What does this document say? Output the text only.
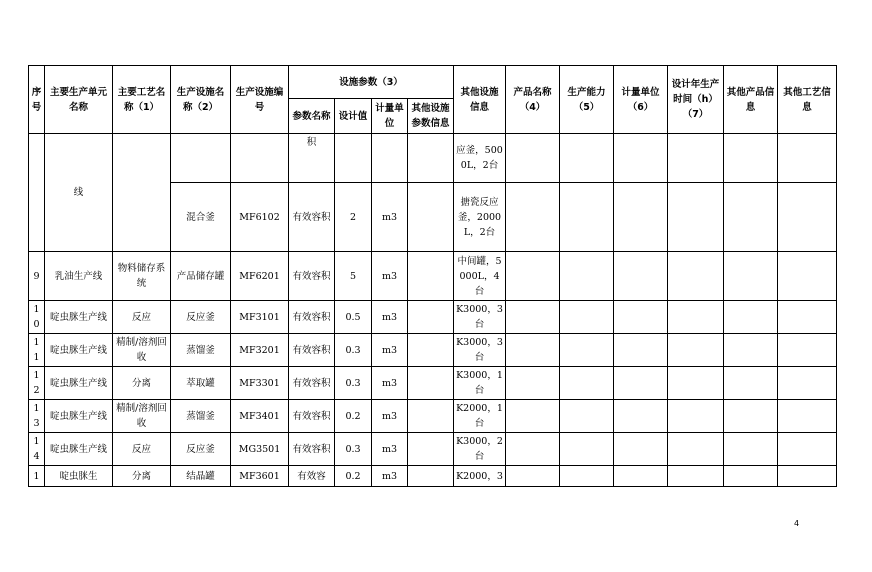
序号	主要生产单元名称	主要工艺名称（1）	生产设施名称（2）	生产设施编号	设施参数（3）				其他设施信息	产品名称（4）	生产能力（5）	计量单位（6）	设计年生产时间（h）（7）	其他产品信息	其他工艺信息
					参数名称	设计值	计量单位	其他设施参数信息							
	线				积				应釜，5000L，2台						
			混合釜	MF6102	有效容积	2	m3		搪瓷反应釜，2000L，2台						
9	乳油生产线	物料储存系统	产品储存罐	MF6201	有效容积	5	m3		中间罐，5000L，4台						
10	啶虫脒生产线	反应	反应釜	MF3101	有效容积	0.5	m3		K3000，3台						
11	啶虫脒生产线	精制/溶剂回收	蒸馏釜	MF3201	有效容积	0.3	m3		K3000，3台						
12	啶虫脒生产线	分离	萃取罐	MF3301	有效容积	0.3	m3		K3000，1台						
13	啶虫脒生产线	精制/溶剂回收	蒸馏釜	MF3401	有效容积	0.2	m3		K2000，1台						
14	啶虫脒生产线	反应	反应釜	MG3501	有效容积	0.3	m3		K3000，2台						
1	啶虫脒生	分离	结晶罐	MF3601	有效容	0.2	m3		K2000，3						
4
